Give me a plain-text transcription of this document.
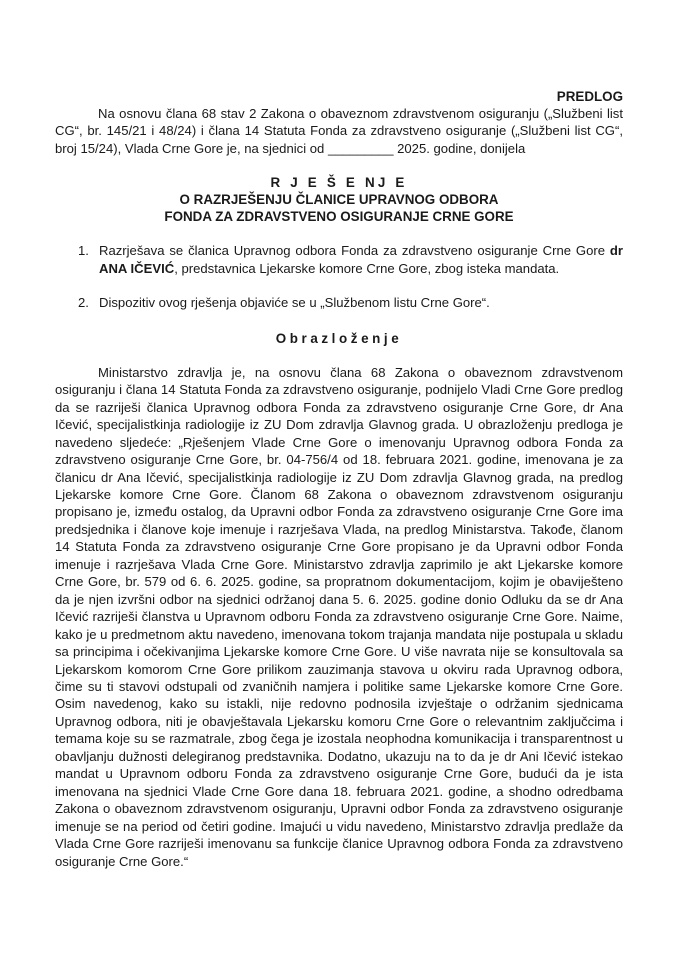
PREDLOG

Na osnovu člana 68 stav 2 Zakona o obaveznom zdravstvenom osiguranju („Službeni list CG“, br. 145/21 i 48/24) i člana 14 Statuta Fonda za zdravstveno osiguranje („Službeni list CG“, broj 15/24), Vlada Crne Gore je, na sjednici od _________ 2025. godine, donijela

R J E Š E NJ E
O RAZRJEŠENJU ČLANICE UPRAVNOG ODBORA
FONDA ZA ZDRAVSTVENO OSIGURANJE CRNE GORE
1. Razrješava se članica Upravnog odbora Fonda za zdravstveno osiguranje Crne Gore dr ANA IČEVIĆ, predstavnica Ljekarske komore Crne Gore, zbog isteka mandata.
2. Dispozitiv ovog rješenja objaviće se u „Službenom listu Crne Gore“.
Obrazloženje

Ministarstvo zdravlja je, na osnovu člana 68 Zakona o obaveznom zdravstvenom osiguranju i člana 14 Statuta Fonda za zdravstveno osiguranje, podnijelo Vladi Crne Gore predlog da se razriješi članica Upravnog odbora Fonda za zdravstveno osiguranje Crne Gore, dr Ana Ičević, specijalistkinja radiologije iz ZU Dom zdravlja Glavnog grada. U obrazloženju predloga je navedeno sljedeće: „Rješenjem Vlade Crne Gore o imenovanju Upravnog odbora Fonda za zdravstveno osiguranje Crne Gore, br. 04-756/4 od 18. februara 2021. godine, imenovana je za članicu dr Ana Ičević, specijalistkinja radiologije iz ZU Dom zdravlja Glavnog grada, na predlog Ljekarske komore Crne Gore. Članom 68 Zakona o obaveznom zdravstvenom osiguranju propisano je, između ostalog, da Upravni odbor Fonda za zdravstveno osiguranje Crne Gore ima predsjednika i članove koje imenuje i razrješava Vlada, na predlog Ministarstva. Takođe, članom 14 Statuta Fonda za zdravstveno osiguranje Crne Gore propisano je da Upravni odbor Fonda imenuje i razrješava Vlada Crne Gore. Ministarstvo zdravlja zaprimilo je akt Ljekarske komore Crne Gore, br. 579 od 6. 6. 2025. godine, sa propratnom dokumentacijom, kojim je obaviješteno da je njen izvršni odbor na sjednici održanoj dana 5. 6. 2025. godine donio Odluku da se dr Ana Ičević razriješi članstva u Upravnom odboru Fonda za zdravstveno osiguranje Crne Gore. Naime, kako je u predmetnom aktu navedeno, imenovana tokom trajanja mandata nije postupala u skladu sa principima i očekivanjima Ljekarske komore Crne Gore. U više navrata nije se konsultovala sa Ljekarskom komorom Crne Gore prilikom zauzimanja stavova u okviru rada Upravnog odbora, čime su ti stavovi odstupali od zvaničnih namjera i politike same Ljekarske komore Crne Gore. Osim navedenog, kako su istakli, nije redovno podnosila izvještaje o održanim sjednicama Upravnog odbora, niti je obavještavala Ljekarsku komoru Crne Gore o relevantnim zaključcima i temama koje su se razmatrale, zbog čega je izostala neophodna komunikacija i transparentnost u obavljanju dužnosti delegiranog predstavnika. Dodatno, ukazuju na to da je dr Ani Ičević istekao mandat u Upravnom odboru Fonda za zdravstveno osiguranje Crne Gore, budući da je ista imenovana na sjednici Vlade Crne Gore dana 18. februara 2021. godine, a shodno odredbama Zakona o obaveznom zdravstvenom osiguranju, Upravni odbor Fonda za zdravstveno osiguranje imenuje se na period od četiri godine. Imajući u vidu navedeno, Ministarstvo zdravlja predlaže da Vlada Crne Gore razriješi imenovanu sa funkcije članice Upravnog odbora Fonda za zdravstveno osiguranje Crne Gore.“
